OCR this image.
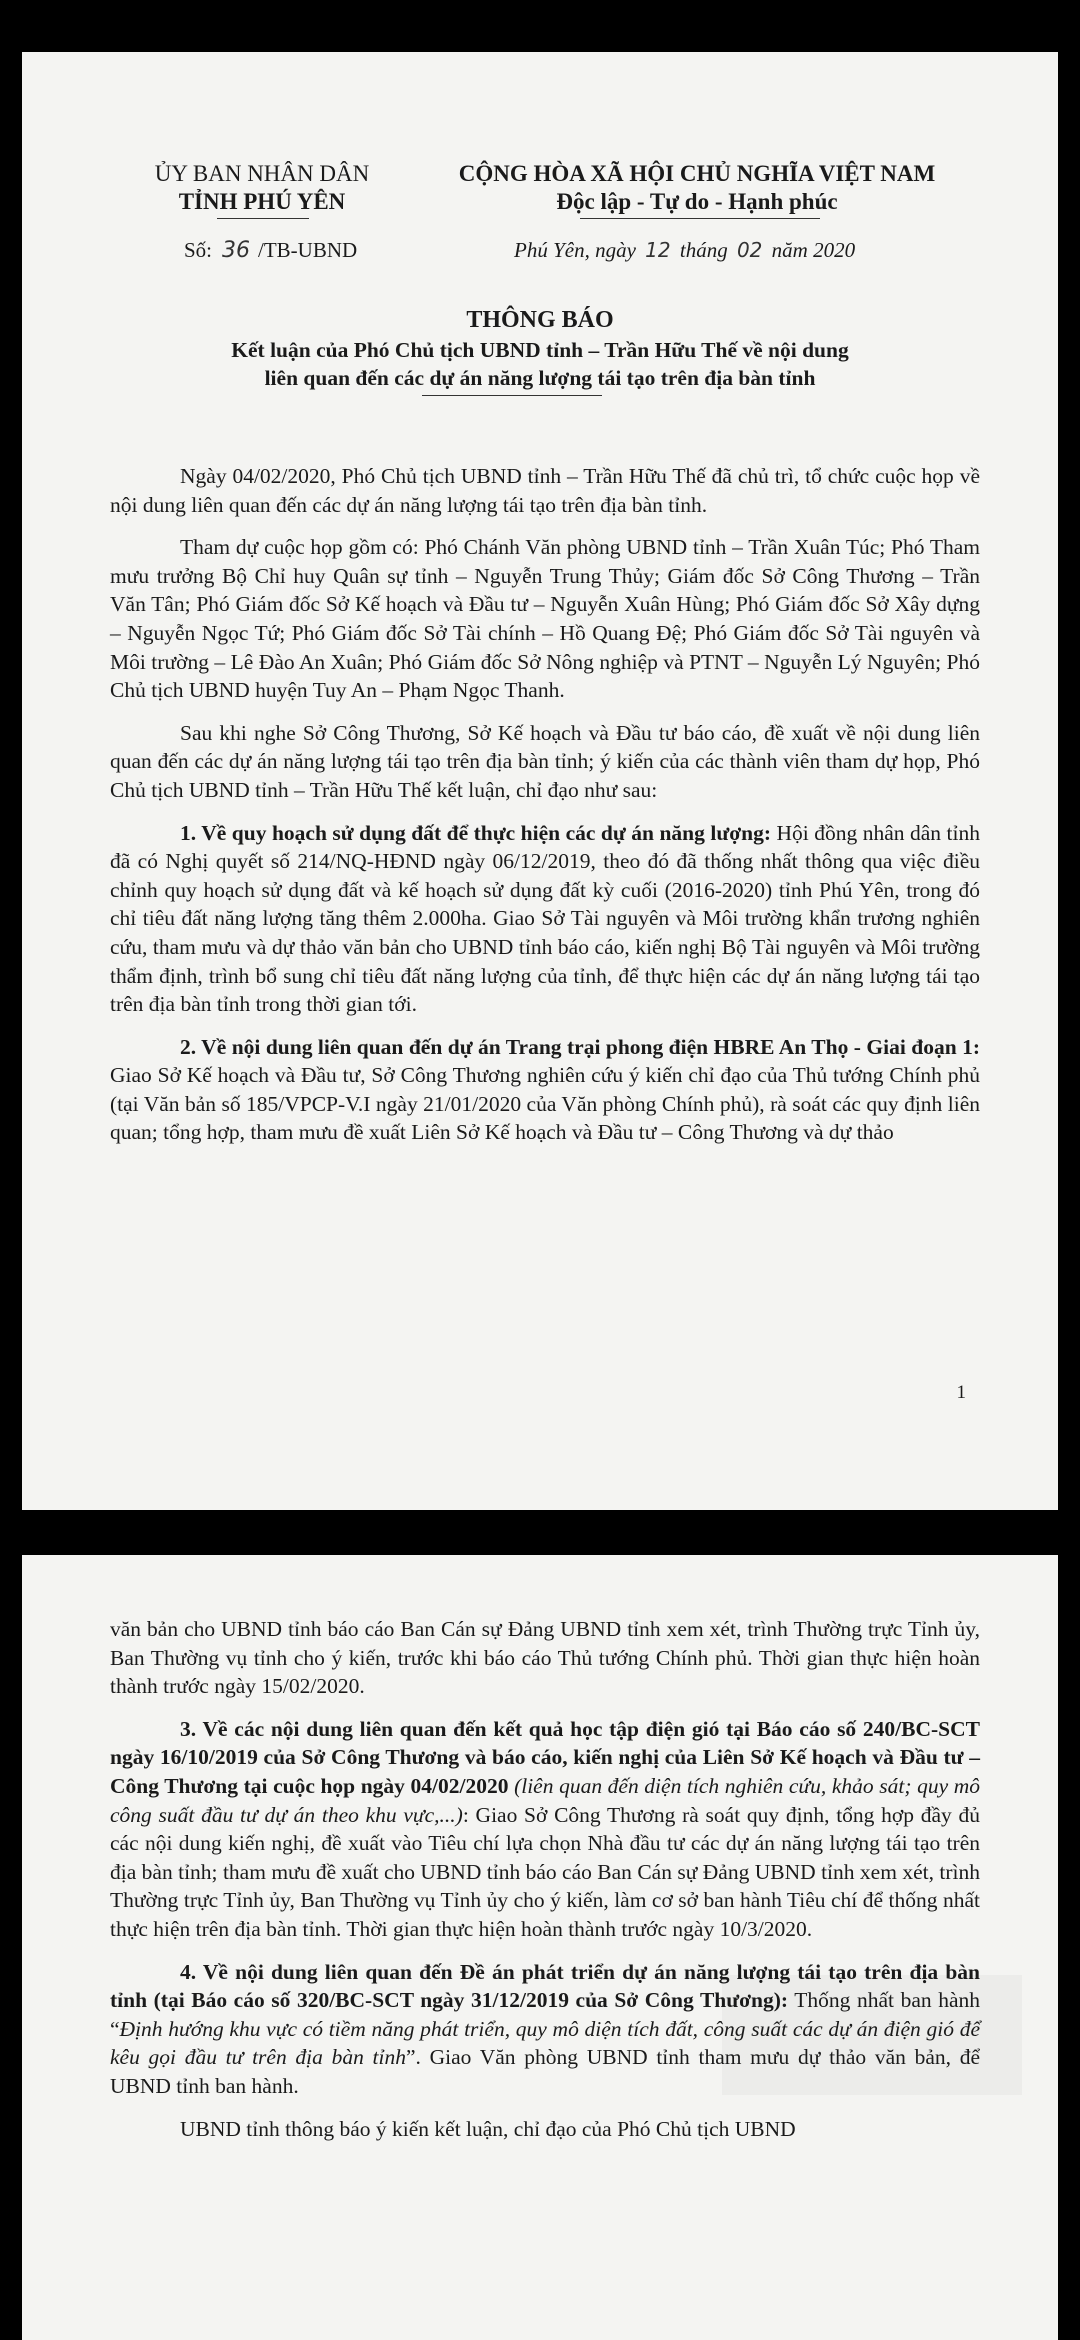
ỦY BAN NHÂN DÂN
TỈNH PHÚ YÊN
CỘNG HÒA XÃ HỘI CHỦ NGHĨA VIỆT NAM
Độc lập - Tự do - Hạnh phúc
Số: 36 /TB-UBND	Phú Yên, ngày 12 tháng 02 năm 2020
THÔNG BÁO
Kết luận của Phó Chủ tịch UBND tỉnh – Trần Hữu Thế về nội dung
liên quan đến các dự án năng lượng tái tạo trên địa bàn tỉnh

Ngày 04/02/2020, Phó Chủ tịch UBND tỉnh – Trần Hữu Thế đã chủ trì, tổ chức cuộc họp về nội dung liên quan đến các dự án năng lượng tái tạo trên địa bàn tỉnh.

Tham dự cuộc họp gồm có: Phó Chánh Văn phòng UBND tỉnh – Trần Xuân Túc; Phó Tham mưu trưởng Bộ Chỉ huy Quân sự tỉnh – Nguyễn Trung Thủy; Giám đốc Sở Công Thương – Trần Văn Tân; Phó Giám đốc Sở Kế hoạch và Đầu tư – Nguyễn Xuân Hùng; Phó Giám đốc Sở Xây dựng – Nguyễn Ngọc Tứ; Phó Giám đốc Sở Tài chính – Hồ Quang Đệ; Phó Giám đốc Sở Tài nguyên và Môi trường – Lê Đào An Xuân; Phó Giám đốc Sở Nông nghiệp và PTNT – Nguyễn Lý Nguyên; Phó Chủ tịch UBND huyện Tuy An – Phạm Ngọc Thanh.

Sau khi nghe Sở Công Thương, Sở Kế hoạch và Đầu tư báo cáo, đề xuất về nội dung liên quan đến các dự án năng lượng tái tạo trên địa bàn tỉnh; ý kiến của các thành viên tham dự họp, Phó Chủ tịch UBND tỉnh – Trần Hữu Thế kết luận, chỉ đạo như sau:

1. Về quy hoạch sử dụng đất để thực hiện các dự án năng lượng: Hội đồng nhân dân tỉnh đã có Nghị quyết số 214/NQ-HĐND ngày 06/12/2019, theo đó đã thống nhất thông qua việc điều chỉnh quy hoạch sử dụng đất và kế hoạch sử dụng đất kỳ cuối (2016-2020) tỉnh Phú Yên, trong đó chỉ tiêu đất năng lượng tăng thêm 2.000ha. Giao Sở Tài nguyên và Môi trường khẩn trương nghiên cứu, tham mưu và dự thảo văn bản cho UBND tỉnh báo cáo, kiến nghị Bộ Tài nguyên và Môi trường thẩm định, trình bổ sung chỉ tiêu đất năng lượng của tỉnh, để thực hiện các dự án năng lượng tái tạo trên địa bàn tỉnh trong thời gian tới.

2. Về nội dung liên quan đến dự án Trang trại phong điện HBRE An Thọ - Giai đoạn 1: Giao Sở Kế hoạch và Đầu tư, Sở Công Thương nghiên cứu ý kiến chỉ đạo của Thủ tướng Chính phủ (tại Văn bản số 185/VPCP-V.I ngày 21/01/2020 của Văn phòng Chính phủ), rà soát các quy định liên quan; tổng hợp, tham mưu đề xuất Liên Sở Kế hoạch và Đầu tư – Công Thương và dự thảo

1

văn bản cho UBND tỉnh báo cáo Ban Cán sự Đảng UBND tỉnh xem xét, trình Thường trực Tỉnh ủy, Ban Thường vụ tỉnh cho ý kiến, trước khi báo cáo Thủ tướng Chính phủ. Thời gian thực hiện hoàn thành trước ngày 15/02/2020.

3. Về các nội dung liên quan đến kết quả học tập điện gió tại Báo cáo số 240/BC-SCT ngày 16/10/2019 của Sở Công Thương và báo cáo, kiến nghị của Liên Sở Kế hoạch và Đầu tư – Công Thương tại cuộc họp ngày 04/02/2020 (liên quan đến diện tích nghiên cứu, khảo sát; quy mô công suất đầu tư dự án theo khu vực,...): Giao Sở Công Thương rà soát quy định, tổng hợp đầy đủ các nội dung kiến nghị, đề xuất vào Tiêu chí lựa chọn Nhà đầu tư các dự án năng lượng tái tạo trên địa bàn tỉnh; tham mưu đề xuất cho UBND tỉnh báo cáo Ban Cán sự Đảng UBND tỉnh xem xét, trình Thường trực Tỉnh ủy, Ban Thường vụ Tỉnh ủy cho ý kiến, làm cơ sở ban hành Tiêu chí để thống nhất thực hiện trên địa bàn tỉnh. Thời gian thực hiện hoàn thành trước ngày 10/3/2020.

4. Về nội dung liên quan đến Đề án phát triển dự án năng lượng tái tạo trên địa bàn tỉnh (tại Báo cáo số 320/BC-SCT ngày 31/12/2019 của Sở Công Thương): Thống nhất ban hành “Định hướng khu vực có tiềm năng phát triển, quy mô diện tích đất, công suất các dự án điện gió để kêu gọi đầu tư trên địa bàn tỉnh”. Giao Văn phòng UBND tỉnh tham mưu dự thảo văn bản, để UBND tỉnh ban hành.

UBND tỉnh thông báo ý kiến kết luận, chỉ đạo của Phó Chủ tịch UBND
